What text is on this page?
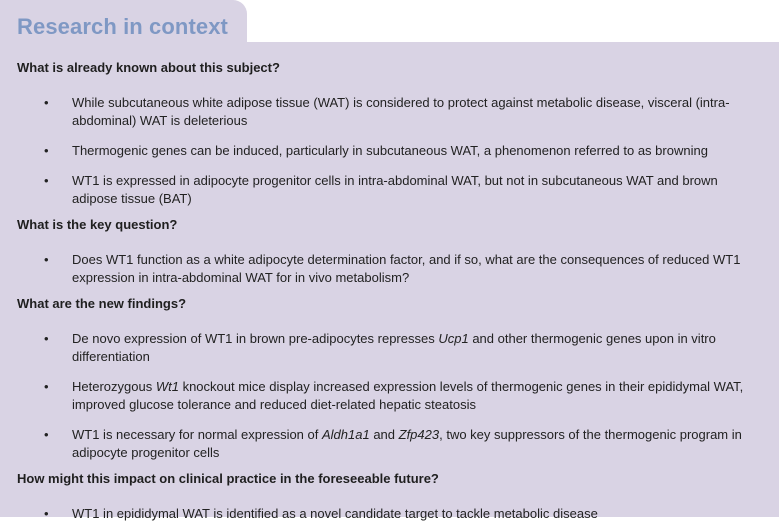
Research in context
What is already known about this subject?
• While subcutaneous white adipose tissue (WAT) is considered to protect against metabolic disease, visceral (intra-abdominal) WAT is deleterious
• Thermogenic genes can be induced, particularly in subcutaneous WAT, a phenomenon referred to as browning
• WT1 is expressed in adipocyte progenitor cells in intra-abdominal WAT, but not in subcutaneous WAT and brown adipose tissue (BAT)
What is the key question?
• Does WT1 function as a white adipocyte determination factor, and if so, what are the consequences of reduced WT1 expression in intra-abdominal WAT for in vivo metabolism?
What are the new findings?
• De novo expression of WT1 in brown pre-adipocytes represses Ucp1 and other thermogenic genes upon in vitro differentiation
• Heterozygous Wt1 knockout mice display increased expression levels of thermogenic genes in their epididymal WAT, improved glucose tolerance and reduced diet-related hepatic steatosis
• WT1 is necessary for normal expression of Aldh1a1 and Zfp423, two key suppressors of the thermogenic program in adipocyte progenitor cells
How might this impact on clinical practice in the foreseeable future?
• WT1 in epididymal WAT is identified as a novel candidate target to tackle metabolic disease
